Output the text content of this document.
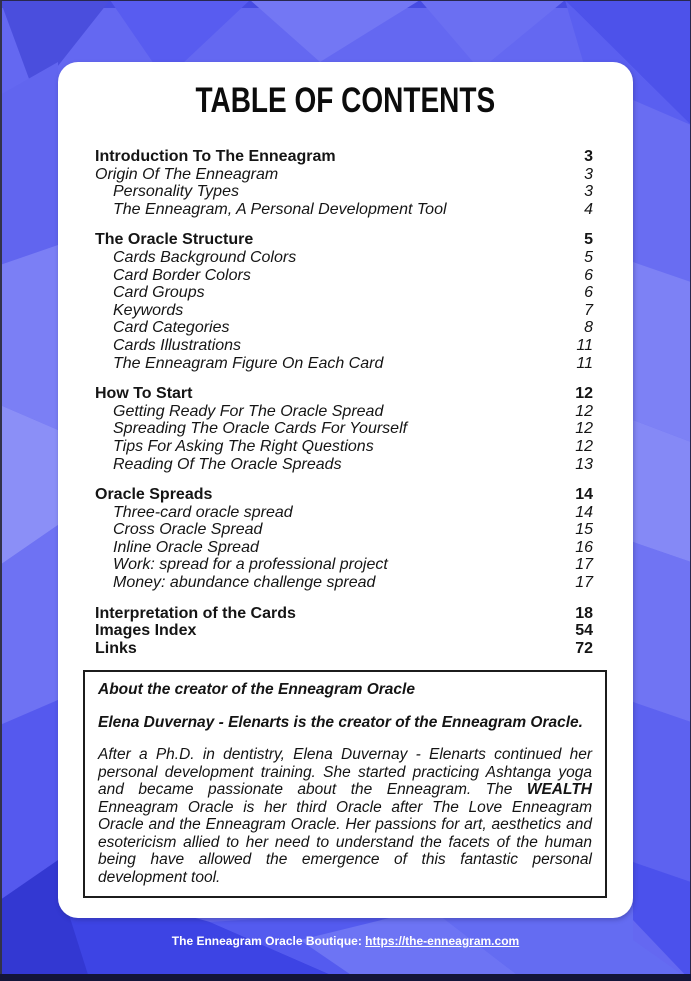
TABLE OF CONTENTS
Introduction To The Enneagram	3
Origin Of The Enneagram	3
Personality Types	3
The Enneagram, A Personal Development Tool	4
The Oracle Structure	5
Cards Background Colors	5
Card Border Colors	6
Card Groups	6
Keywords	7
Card Categories	8
Cards Illustrations	11
The Enneagram Figure On Each Card	11
How To Start	12
Getting Ready For The Oracle Spread	12
Spreading The Oracle Cards For Yourself	12
Tips For Asking The Right Questions	12
Reading Of The Oracle Spreads	13
Oracle Spreads	14
Three-card oracle spread	14
Cross Oracle Spread	15
Inline Oracle Spread	16
Work: spread for a professional project	17
Money: abundance challenge spread	17
Interpretation of the Cards	18
Images Index	54
Links	72

About the creator of the Enneagram Oracle

Elena Duvernay - Elenarts is the creator of the Enneagram Oracle.

After a Ph.D. in dentistry, Elena Duvernay - Elenarts continued her personal development training. She started practicing Ashtanga yoga and became passionate about the Enneagram. The WEALTH Enneagram Oracle is her third Oracle after The Love Enneagram Oracle and the Enneagram Oracle. Her passions for art, aesthetics and esotericism allied to her need to understand the facets of the human being have allowed the emergence of this fantastic personal development tool.

The Enneagram Oracle Boutique: https://the-enneagram.com
